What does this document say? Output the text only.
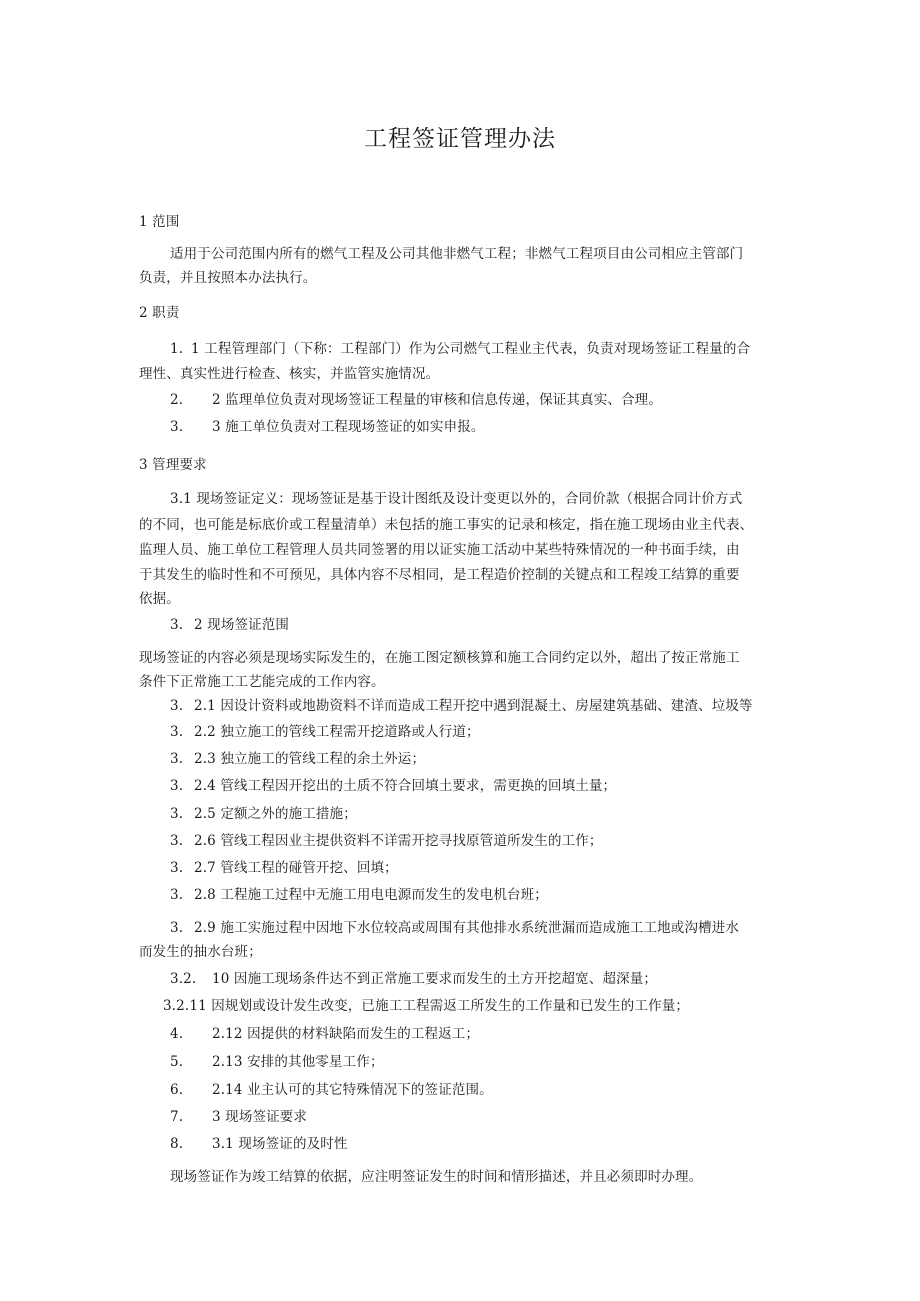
工程签证管理办法
1 范围
适用于公司范围内所有的燃气工程及公司其他非燃气工程；非燃气工程项目由公司相应主管部门
负责，并且按照本办法执行。
2 职责
1. 1 工程管理部门（下称：工程部门）作为公司燃气工程业主代表，负责对现场签证工程量的合
理性、真实性进行检查、核实，并监管实施情况。
2. 2 监理单位负责对现场签证工程量的审核和信息传递，保证其真实、合理。
3. 3 施工单位负责对工程现场签证的如实申报。
3 管理要求
3.1 现场签证定义：现场签证是基于设计图纸及设计变更以外的，合同价款（根据合同计价方式
的不同，也可能是标底价或工程量清单）未包括的施工事实的记录和核定，指在施工现场由业主代表、
监理人员、施工单位工程管理人员共同签署的用以证实施工活动中某些特殊情况的一种书面手续，由
于其发生的临时性和不可预见，具体内容不尽相同，是工程造价控制的关键点和工程竣工结算的重要
依据。
3. 2 现场签证范围
现场签证的内容必须是现场实际发生的，在施工图定额核算和施工合同约定以外，超出了按正常施工
条件下正常施工工艺能完成的工作内容。
3. 2.1 因设计资料或地勘资料不详而造成工程开挖中遇到混凝土、房屋建筑基础、建渣、垃圾等
3. 2.2 独立施工的管线工程需开挖道路或人行道；
3. 2.3 独立施工的管线工程的余土外运；
3. 2.4 管线工程因开挖出的土质不符合回填土要求，需更换的回填土量；
3. 2.5 定额之外的施工措施；
3. 2.6 管线工程因业主提供资料不详需开挖寻找原管道所发生的工作；
3. 2.7 管线工程的碰管开挖、回填；
3. 2.8 工程施工过程中无施工用电电源而发生的发电机台班；
3. 2.9 施工实施过程中因地下水位较高或周围有其他排水系统泄漏而造成施工工地或沟槽进水
而发生的抽水台班；
3.2. 10 因施工现场条件达不到正常施工要求而发生的土方开挖超宽、超深量；
3.2.11 因规划或设计发生改变，已施工工程需返工所发生的工作量和已发生的工作量；
4. 2.12 因提供的材料缺陷而发生的工程返工；
5. 2.13 安排的其他零星工作；
6. 2.14 业主认可的其它特殊情况下的签证范围。
7. 3 现场签证要求
8. 3.1 现场签证的及时性
现场签证作为竣工结算的依据，应注明签证发生的时间和情形描述，并且必须即时办理。
